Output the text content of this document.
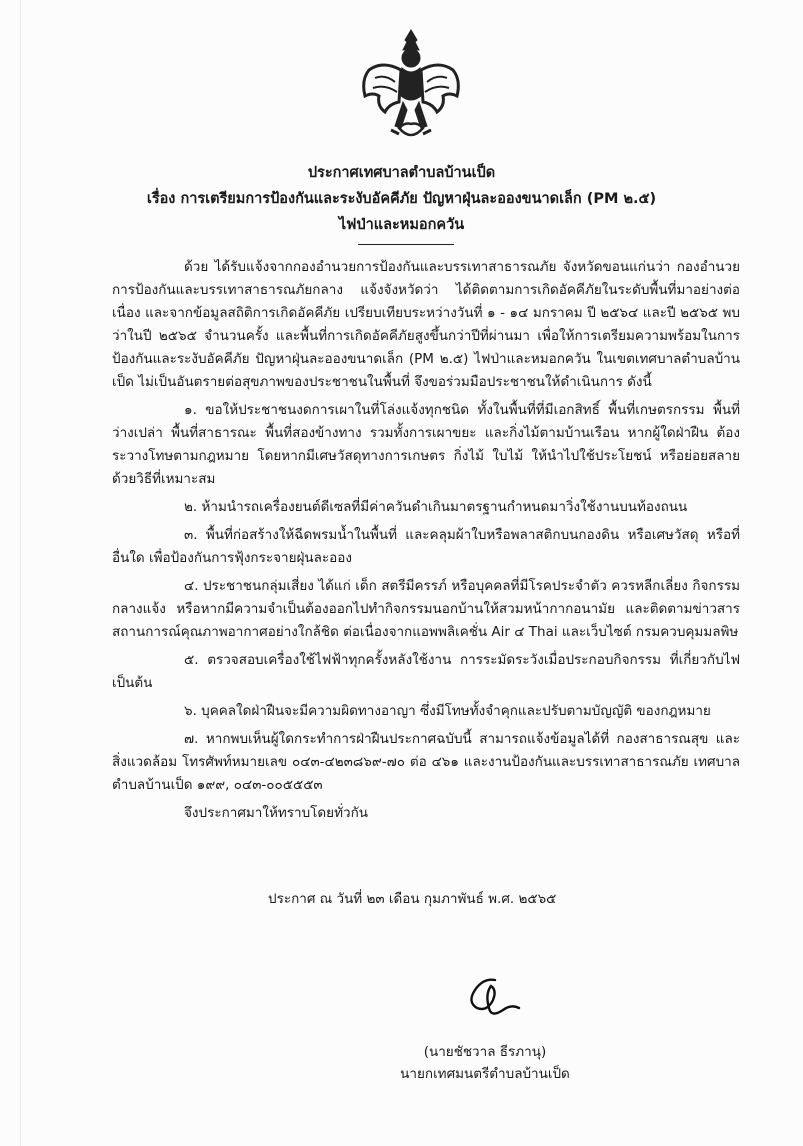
ประกาศเทศบาลตำบลบ้านเป็ด
เรื่อง การเตรียมการป้องกันและระงับอัคคีภัย ปัญหาฝุ่นละอองขนาดเล็ก (PM ๒.๕)
ไฟป่าและหมอกควัน

ด้วย ได้รับแจ้งจากกองอำนวยการป้องกันและบรรเทาสาธารณภัย จังหวัดขอนแก่นว่า กองอำนวยการป้องกันและบรรเทาสาธารณภัยกลาง แจ้งจังหวัดว่า ได้ติดตามการเกิดอัคคีภัยในระดับพื้นที่มาอย่างต่อเนื่อง และจากข้อมูลสถิติการเกิดอัคคีภัย เปรียบเทียบระหว่างวันที่ ๑ - ๑๔ มกราคม ปี ๒๕๖๔ และปี ๒๕๖๕ พบว่าในปี ๒๕๖๕ จำนวนครั้ง และพื้นที่การเกิดอัคคีภัยสูงขึ้นกว่าปีที่ผ่านมา เพื่อให้การเตรียมความพร้อมในการป้องกันและระงับอัคคีภัย ปัญหาฝุ่นละอองขนาดเล็ก (PM ๒.๕) ไฟป่าและหมอกควัน ในเขตเทศบาลตำบลบ้านเป็ด ไม่เป็นอันตรายต่อสุขภาพของประชาชนในพื้นที่ จึงขอร่วมมือประชาชนให้ดำเนินการ ดังนี้

๑. ขอให้ประชาชนงดการเผาในที่โล่งแจ้งทุกชนิด ทั้งในพื้นที่ที่มีเอกสิทธิ์ พื้นที่เกษตรกรรม พื้นที่ว่างเปล่า พื้นที่สาธารณะ พื้นที่สองข้างทาง รวมทั้งการเผาขยะ และกิ่งไม้ตามบ้านเรือน หากผู้ใดฝ่าฝืน ต้องระวางโทษตามกฎหมาย โดยหากมีเศษวัสดุทางการเกษตร กิ่งไม้ ใบไม้ ให้นำไปใช้ประโยชน์ หรือย่อยสลาย ด้วยวิธีที่เหมาะสม

๒. ห้ามนำรถเครื่องยนต์ดีเซลที่มีค่าควันดำเกินมาตรฐานกำหนดมาวิ่งใช้งานบนท้องถนน

๓. พื้นที่ก่อสร้างให้ฉีดพรมน้ำในพื้นที่ และคลุมผ้าใบหรือพลาสติกบนกองดิน หรือเศษวัสดุ หรือที่อื่นใด เพื่อป้องกันการฟุ้งกระจายฝุ่นละออง

๔. ประชาชนกลุ่มเสี่ยง ได้แก่ เด็ก สตรีมีครรภ์ หรือบุคคลที่มีโรคประจำตัว ควรหลีกเลี่ยง กิจกรรมกลางแจ้ง หรือหากมีความจำเป็นต้องออกไปทำกิจกรรมนอกบ้านให้สวมหน้ากากอนามัย และติดตามข่าวสารสถานการณ์คุณภาพอากาศอย่างใกล้ชิด ต่อเนื่องจากแอพพลิเคชั่น Air ๔ Thai และเว็บไซต์ กรมควบคุมมลพิษ

๕. ตรวจสอบเครื่องใช้ไฟฟ้าทุกครั้งหลังใช้งาน การระมัดระวังเมื่อประกอบกิจกรรม ที่เกี่ยวกับไฟ เป็นต้น

๖. บุคคลใดฝ่าฝืนจะมีความผิดทางอาญา ซึ่งมีโทษทั้งจำคุกและปรับตามบัญญัติ ของกฎหมาย

๗. หากพบเห็นผู้ใดกระทำการฝ่าฝืนประกาศฉบับนี้ สามารถแจ้งข้อมูลได้ที่ กองสาธารณสุข และสิ่งแวดล้อม โทรศัพท์หมายเลข ๐๔๓-๔๒๓๘๖๙-๗๐ ต่อ ๔๖๑ และงานป้องกันและบรรเทาสาธารณภัย เทศบาลตำบลบ้านเป็ด ๑๙๙, ๐๔๓-๐๐๕๕๕๓

จึงประกาศมาให้ทราบโดยทั่วกัน

ประกาศ ณ วันที่ ๒๓ เดือน กุมภาพันธ์ พ.ศ. ๒๕๖๕
(นายชัชวาล ธีรภานุ)
นายกเทศมนตรีตำบลบ้านเป็ด
